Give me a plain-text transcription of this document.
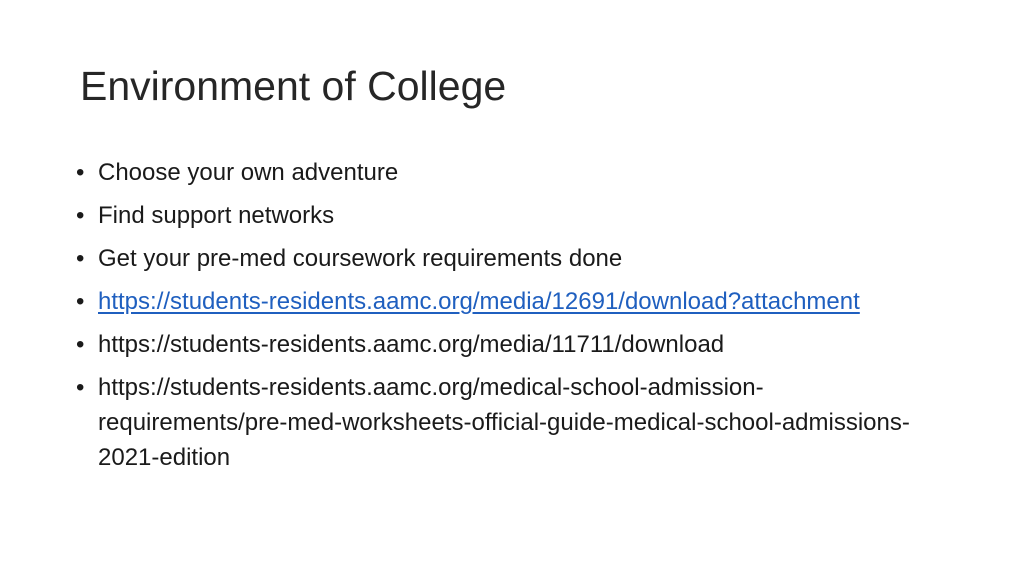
Environment of College
• Choose your own adventure
• Find support networks
• Get your pre-med coursework requirements done
• https://students-residents.aamc.org/media/12691/download?attachment
• https://students-residents.aamc.org/media/11711/download
• https://students-residents.aamc.org/medical-school-admission-requirements/pre-med-worksheets-official-guide-medical-school-admissions-2021-edition
